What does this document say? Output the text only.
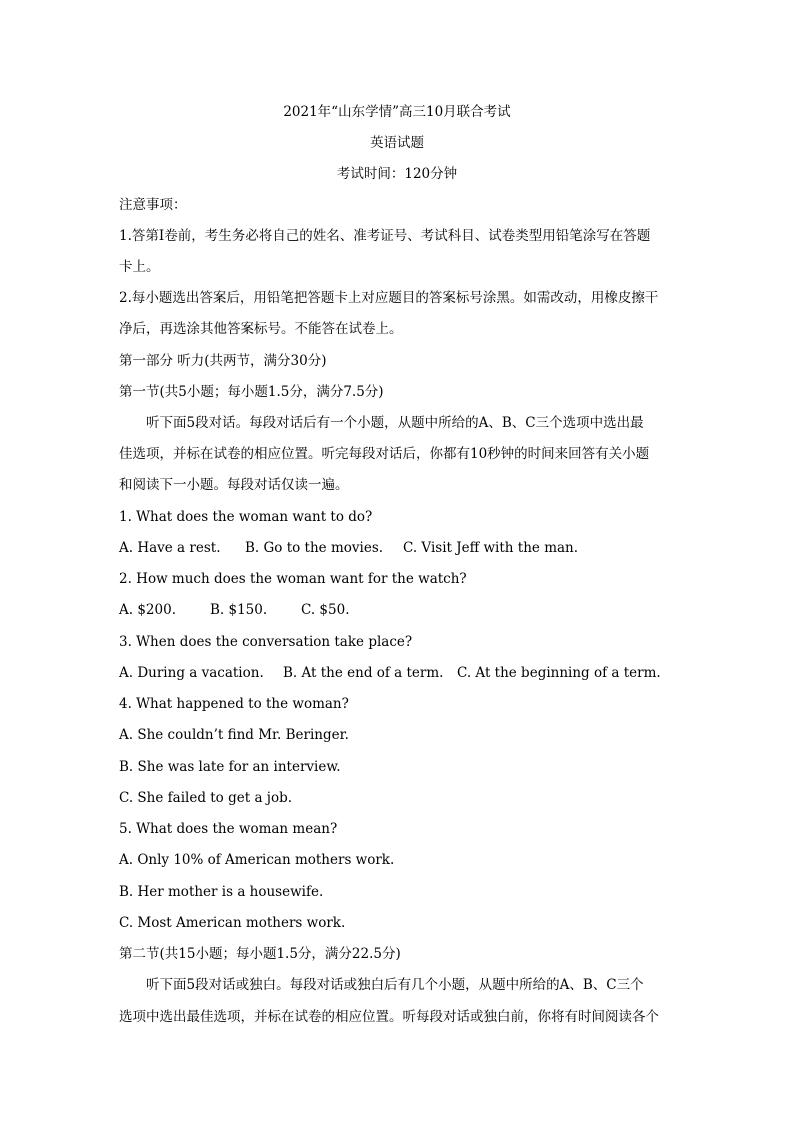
2021年“山东学情”高三10月联合考试
英语试题
考试时间：120分钟
注意事项：
1.答第I卷前，考生务必将自己的姓名、准考证号、考试科目、试卷类型用铅笔涂写在答题
卡上。
2.每小题选出答案后，用铅笔把答题卡上对应题目的答案标号涂黑。如需改动，用橡皮擦干
净后，再选涂其他答案标号。不能答在试卷上。
第一部分 听力(共两节，满分30分)
第一节(共5小题；每小题1.5分，满分7.5分)
听下面5段对话。每段对话后有一个小题，从题中所给的A、B、C三个选项中选出最
佳选项，并标在试卷的相应位置。听完每段对话后，你都有10秒钟的时间来回答有关小题
和阅读下一小题。每段对话仅读一遍。
1. What does the woman want to do?
A. Have a rest. B. Go to the movies. C. Visit Jeff with the man.
2. How much does the woman want for the watch?
A. $200.	B. $150.	C. $50.
3. When does the conversation take place?
A. During a vacation. B. At the end of a term. C. At the beginning of a term.
4. What happened to the woman?
A. She couldn’t find Mr. Beringer.
B. She was late for an interview.
C. She failed to get a job.
5. What does the woman mean?
A. Only 10% of American mothers work.
B. Her mother is a housewife.
C. Most American mothers work.
第二节(共15小题；每小题1.5分，满分22.5分)
听下面5段对话或独白。每段对话或独白后有几个小题，从题中所给的A、B、C三个
选项中选出最佳选项，并标在试卷的相应位置。听每段对话或独白前，你将有时间阅读各个
